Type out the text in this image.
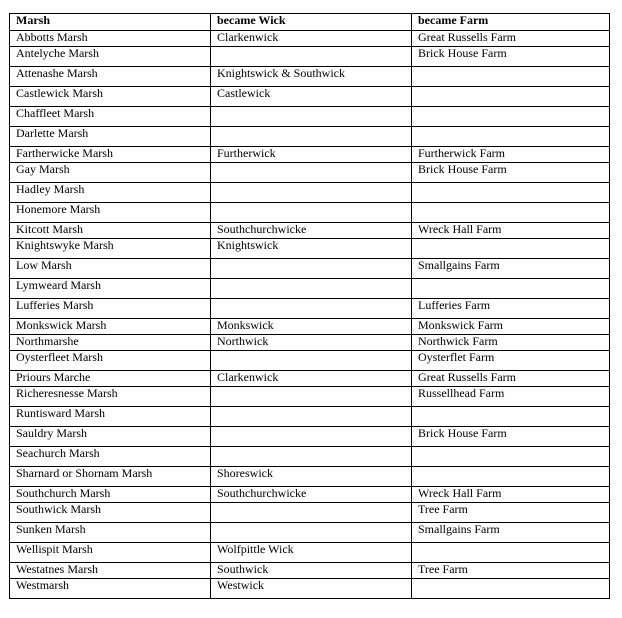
Marsh	became Wick	became Farm
Abbotts Marsh	Clarkenwick	Great Russells Farm
Antelyche Marsh		Brick House Farm
Attenashe Marsh	Knightswick & Southwick	
Castlewick Marsh	Castlewick	
Chaffleet Marsh		
Darlette Marsh		
Fartherwicke Marsh	Furtherwick	Furtherwick Farm
Gay Marsh		Brick House Farm
Hadley Marsh		
Honemore Marsh		
Kitcott Marsh	Southchurchwicke	Wreck Hall Farm
Knightswyke Marsh	Knightswick	
Low Marsh		Smallgains Farm
Lymweard Marsh		
Lufferies Marsh		Lufferies Farm
Monkswick Marsh	Monkswick	Monkswick Farm
Northmarshe	Northwick	Northwick Farm
Oysterfleet Marsh		Oysterflet Farm
Priours Marche	Clarkenwick	Great Russells Farm
Richeresnesse Marsh		Russellhead Farm
Runtisward Marsh		
Sauldry Marsh		Brick House Farm
Seachurch Marsh		
Sharnard or Shornam Marsh	Shoreswick	
Southchurch Marsh	Southchurchwicke	Wreck Hall Farm
Southwick Marsh		Tree Farm
Sunken Marsh		Smallgains Farm
Wellispit Marsh	Wolfpittle Wick	
Westatnes Marsh	Southwick	Tree Farm
Westmarsh	Westwick	
